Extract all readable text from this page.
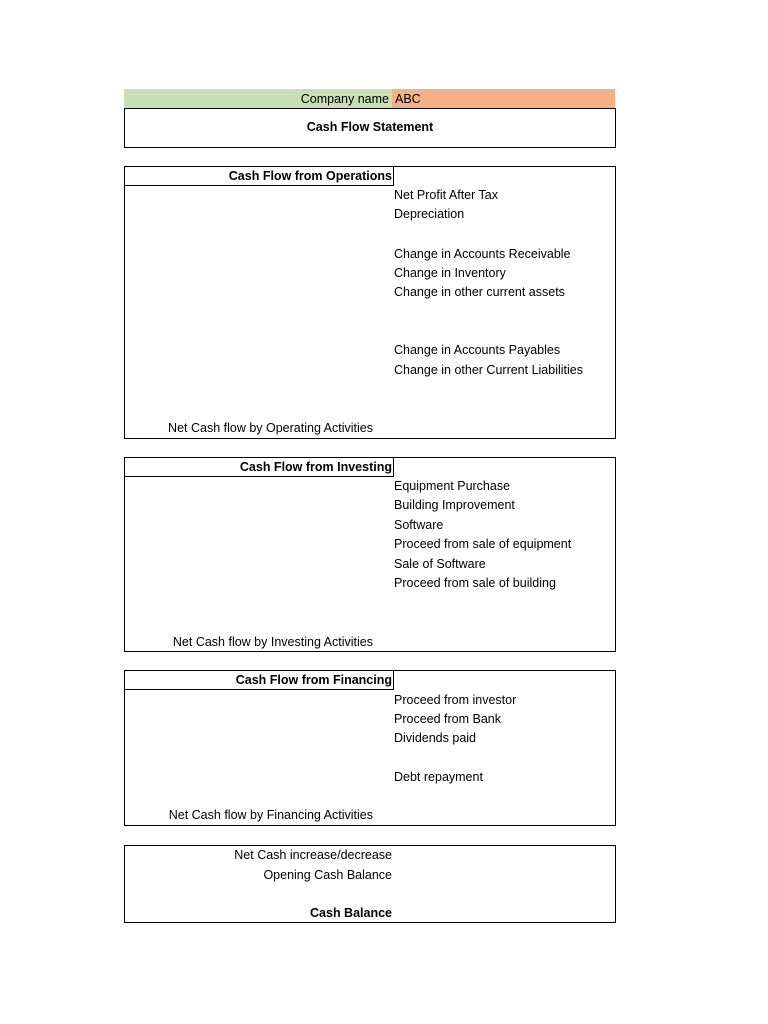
Company name ABC
Cash Flow Statement
Cash Flow from Operations
Net Profit After Tax
Depreciation
Change in Accounts Receivable
Change in Inventory
Change in other current assets
Change in Accounts Payables
Change in other Current Liabilities
Net Cash flow by Operating Activities
Cash Flow from Investing
Equipment Purchase
Building Improvement
Software
Proceed from sale of equipment
Sale of Software
Proceed from sale of building
Net Cash flow by Investing Activities
Cash Flow from Financing
Proceed from investor
Proceed from Bank
Dividends paid
Debt repayment
Net Cash flow by Financing Activities
Net Cash increase/decrease
Opening Cash Balance
Cash Balance
